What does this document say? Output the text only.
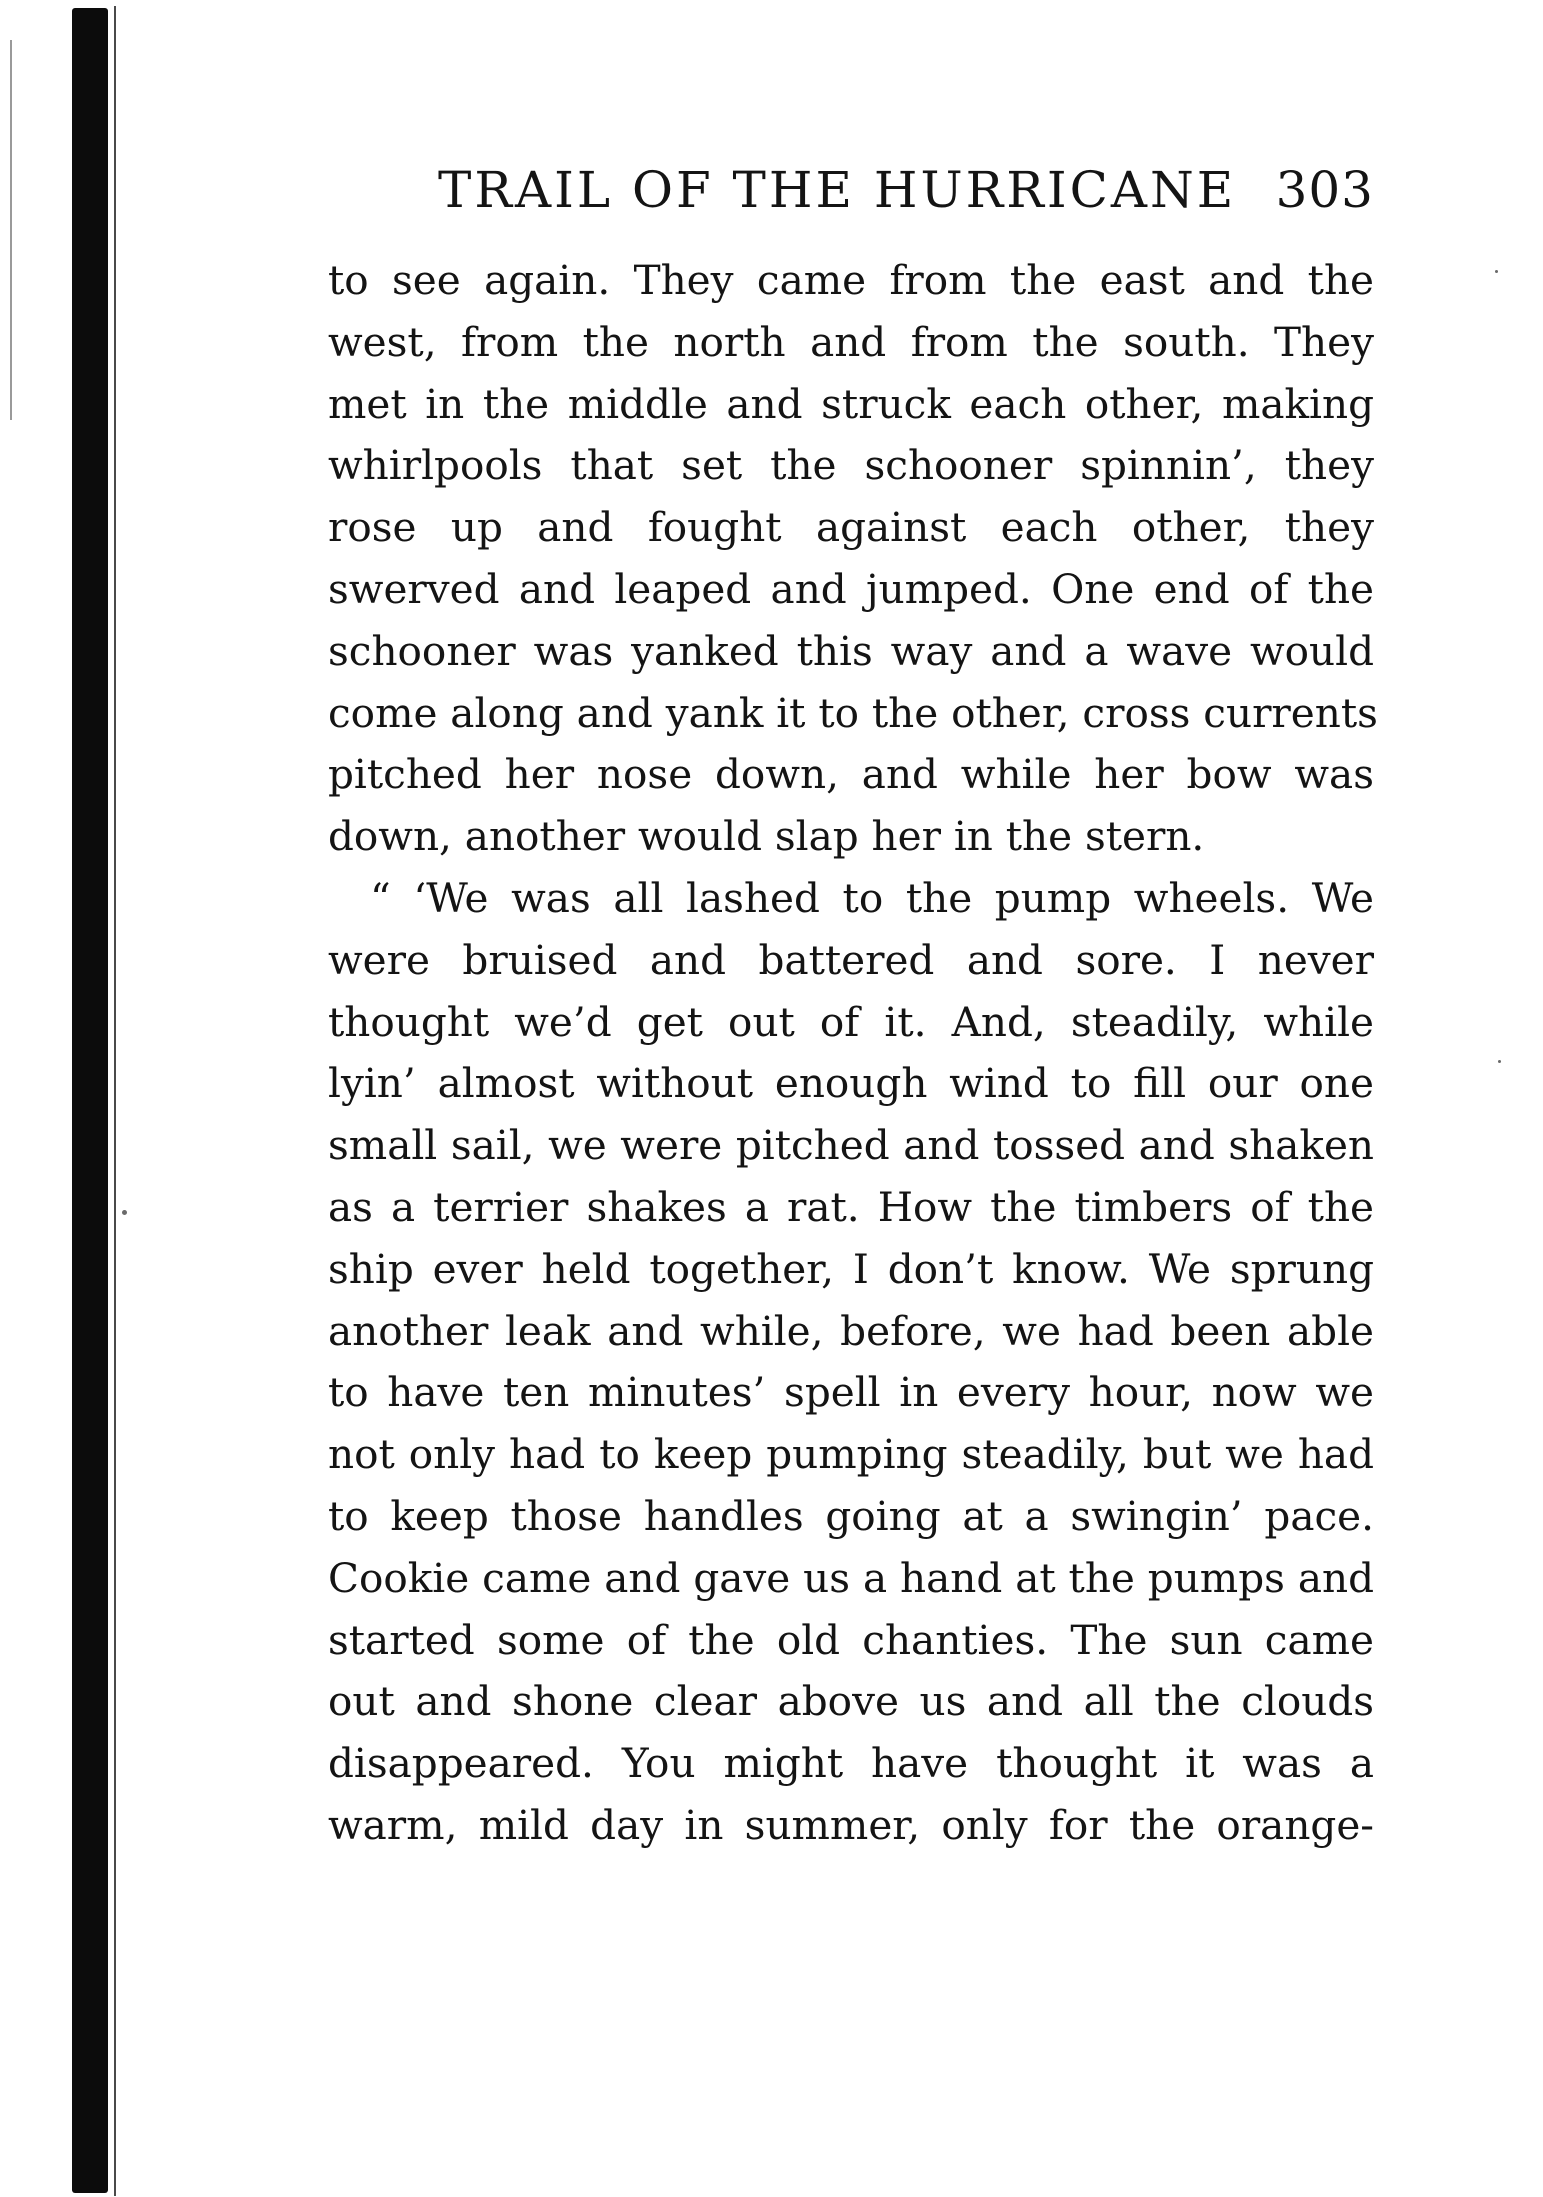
TRAIL OF THE HURRICANE 303
to see again. They came from the east and the
west, from the north and from the south. They
met in the middle and struck each other, making
whirlpools that set the schooner spinnin’, they
rose up and fought against each other, they
swerved and leaped and jumped. One end of the
schooner was yanked this way and a wave would
come along and yank it to the other, cross currents
pitched her nose down, and while her bow was
down, another would slap her in the stern.
“ ‘We was all lashed to the pump wheels. We
were bruised and battered and sore. I never
thought we’d get out of it. And, steadily, while
lyin’ almost without enough wind to fill our one
small sail, we were pitched and tossed and shaken
as a terrier shakes a rat. How the timbers of the
ship ever held together, I don’t know. We sprung
another leak and while, before, we had been able
to have ten minutes’ spell in every hour, now we
not only had to keep pumping steadily, but we had
to keep those handles going at a swingin’ pace.
Cookie came and gave us a hand at the pumps and
started some of the old chanties. The sun came
out and shone clear above us and all the clouds
disappeared. You might have thought it was a
warm, mild day in summer, only for the orange-
